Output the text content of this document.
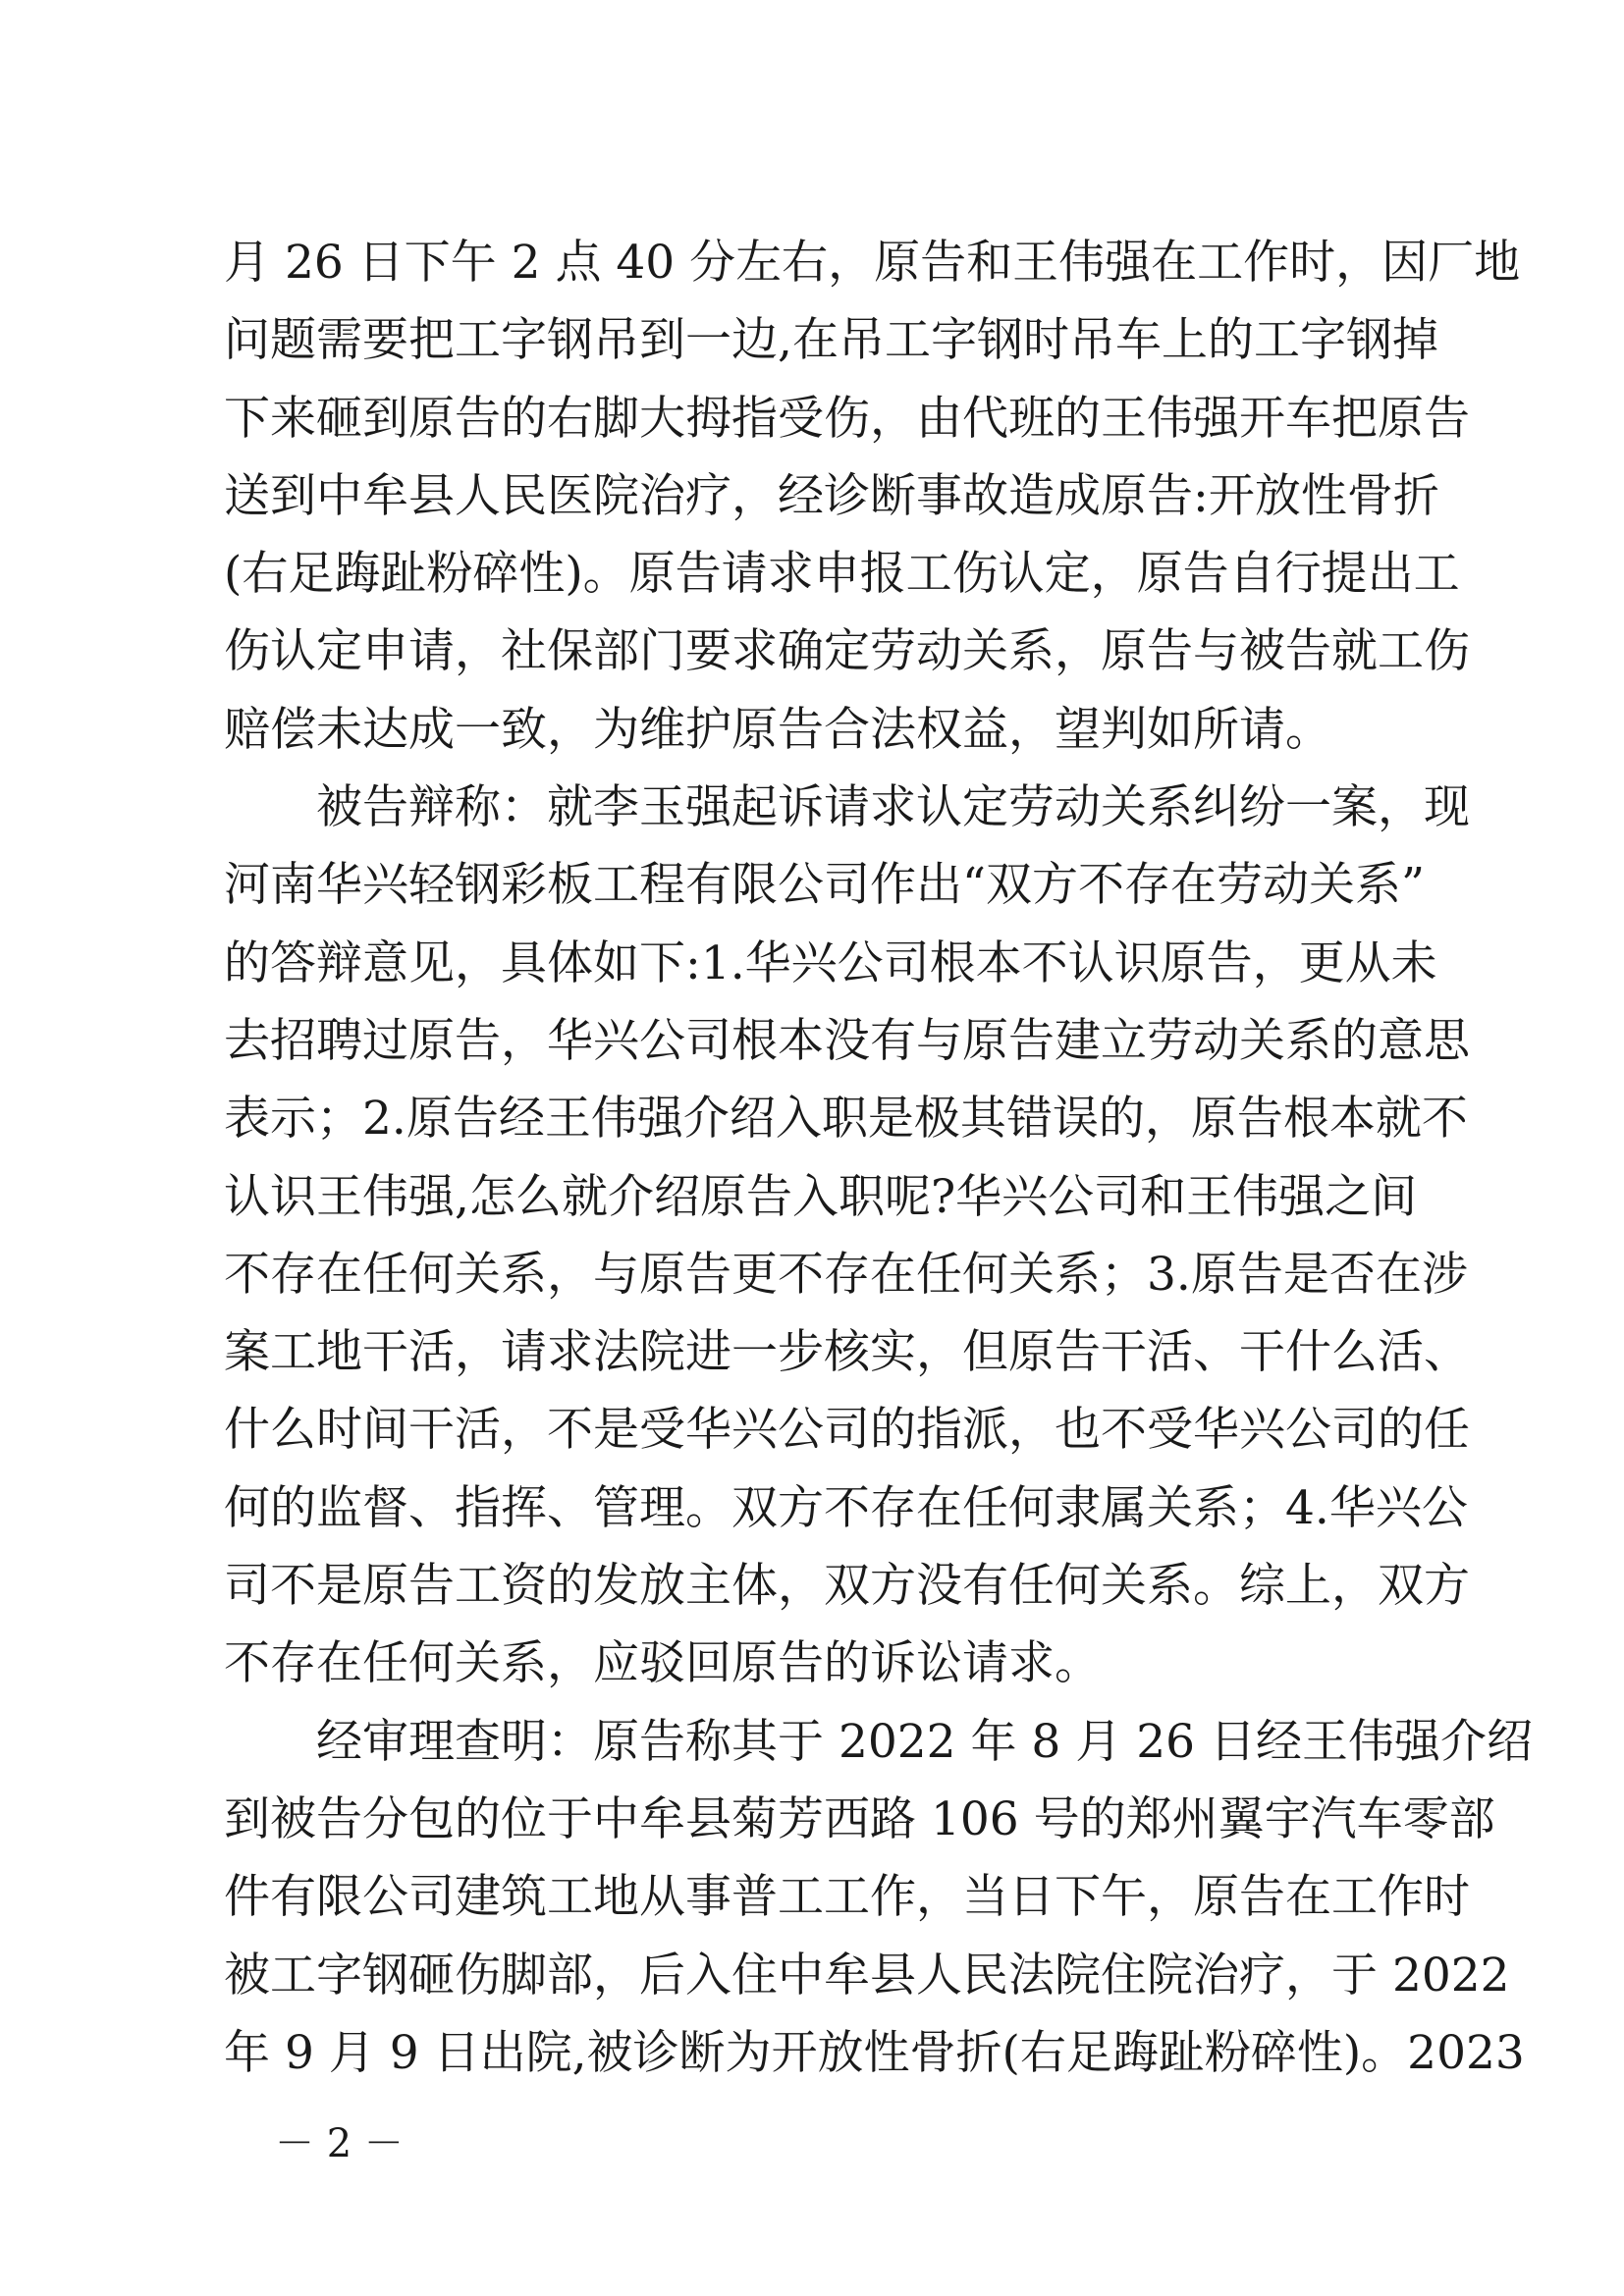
月 26 日下午 2 点 40 分左右，原告和王伟强在工作时，因厂地
问题需要把工字钢吊到一边,在吊工字钢时吊车上的工字钢掉
下来砸到原告的右脚大拇指受伤，由代班的王伟强开车把原告
送到中牟县人民医院治疗，经诊断事故造成原告:开放性骨折
(右足踇趾粉碎性)。原告请求申报工伤认定，原告自行提出工
伤认定申请，社保部门要求确定劳动关系，原告与被告就工伤
赔偿未达成一致，为维护原告合法权益，望判如所请。
被告辩称：就李玉强起诉请求认定劳动关系纠纷一案，现
河南华兴轻钢彩板工程有限公司作出“双方不存在劳动关系”
的答辩意见，具体如下:1.华兴公司根本不认识原告，更从未
去招聘过原告，华兴公司根本没有与原告建立劳动关系的意思
表示；2.原告经王伟强介绍入职是极其错误的，原告根本就不
认识王伟强,怎么就介绍原告入职呢?华兴公司和王伟强之间
不存在任何关系，与原告更不存在任何关系；3.原告是否在涉
案工地干活，请求法院进一步核实，但原告干活、干什么活、
什么时间干活，不是受华兴公司的指派，也不受华兴公司的任
何的监督、指挥、管理。双方不存在任何隶属关系；4.华兴公
司不是原告工资的发放主体，双方没有任何关系。综上，双方
不存在任何关系，应驳回原告的诉讼请求。
经审理查明：原告称其于 2022 年 8 月 26 日经王伟强介绍
到被告分包的位于中牟县菊芳西路 106 号的郑州翼宇汽车零部
件有限公司建筑工地从事普工工作，当日下午，原告在工作时
被工字钢砸伤脚部，后入住中牟县人民法院住院治疗，于 2022
年 9 月 9 日出院,被诊断为开放性骨折(右足踇趾粉碎性)。2023
－ 2 －
